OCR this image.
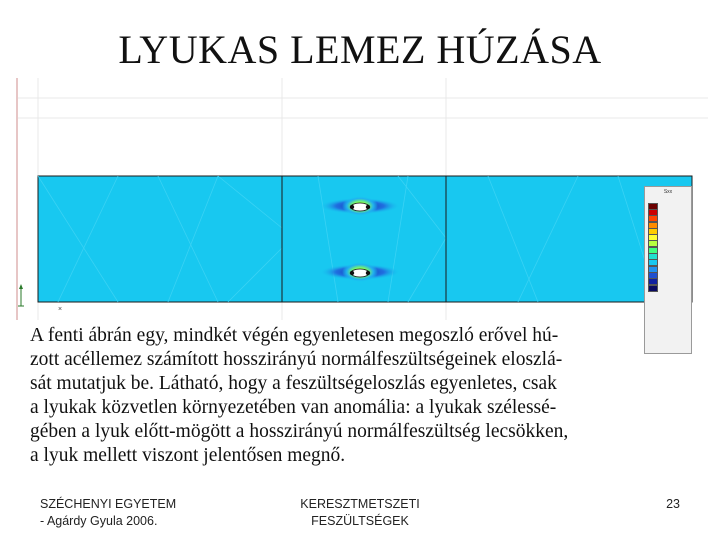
LYUKAS LEMEZ HÚZÁSA
×
Sxx
A fenti ábrán egy, mindkét végén egyenletesen megoszló erővel hú-
zott acéllemez számított hosszirányú normálfeszültségeinek eloszlá-
sát mutatjuk be. Látható, hogy a feszültségeloszlás egyenletes, csak
a lyukak közvetlen környezetében van anomália: a lyukak szélessé-
gében a lyuk előtt-mögött a hosszirányú normálfeszültség lecsökken,
a lyuk mellett viszont jelentősen megnő.
SZÉCHENYI EGYETEM
- Agárdy Gyula 2006.
KERESZTMETSZETI
FESZÜLTSÉGEK
23
